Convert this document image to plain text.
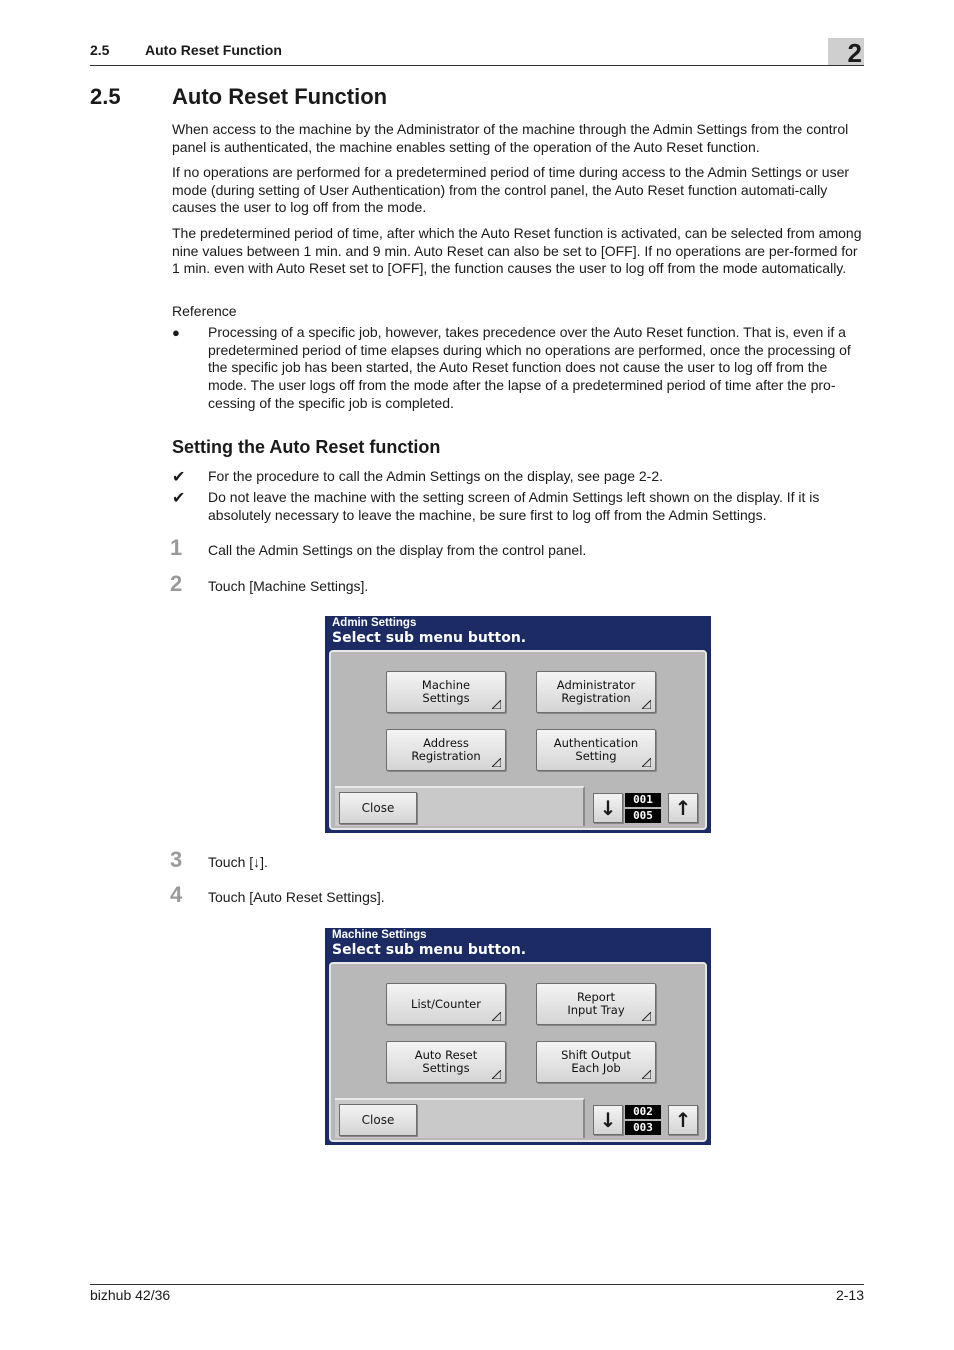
2.5	Auto Reset Function	2
2.5 Auto Reset Function
When access to the machine by the Administrator of the machine through the Admin Settings from the control panel is authenticated, the machine enables setting of the operation of the Auto Reset function.
If no operations are performed for a predetermined period of time during access to the Admin Settings or user mode (during setting of User Authentication) from the control panel, the Auto Reset function automati-cally causes the user to log off from the mode.
The predetermined period of time, after which the Auto Reset function is activated, can be selected from among nine values between 1 min. and 9 min. Auto Reset can also be set to [OFF]. If no operations are per-formed for 1 min. even with Auto Reset set to [OFF], the function causes the user to log off from the mode automatically.
Reference
● Processing of a specific job, however, takes precedence over the Auto Reset function. That is, even if a predetermined period of time elapses during which no operations are performed, once the processing of the specific job has been started, the Auto Reset function does not cause the user to log off from the mode. The user logs off from the mode after the lapse of a predetermined period of time after the pro-cessing of the specific job is completed.
Setting the Auto Reset function
✔ For the procedure to call the Admin Settings on the display, see page 2-2.
✔ Do not leave the machine with the setting screen of Admin Settings left shown on the display. If it is absolutely necessary to leave the machine, be sure first to log off from the Admin Settings.
1 Call the Admin Settings on the display from the control panel.
2 Touch [Machine Settings].
Admin Settings
Select sub menu button.
Machine
Settings
Administrator
Registration
Address
Registration
Authentication
Setting
Close	↓	001
005	↑
3 Touch [↓].
4 Touch [Auto Reset Settings].
Machine Settings
Select sub menu button.
List/Counter	Report
Input Tray
Auto Reset
Settings
Shift Output
Each Job
Close	↓	002
003	↑
bizhub 42/36	2-13
